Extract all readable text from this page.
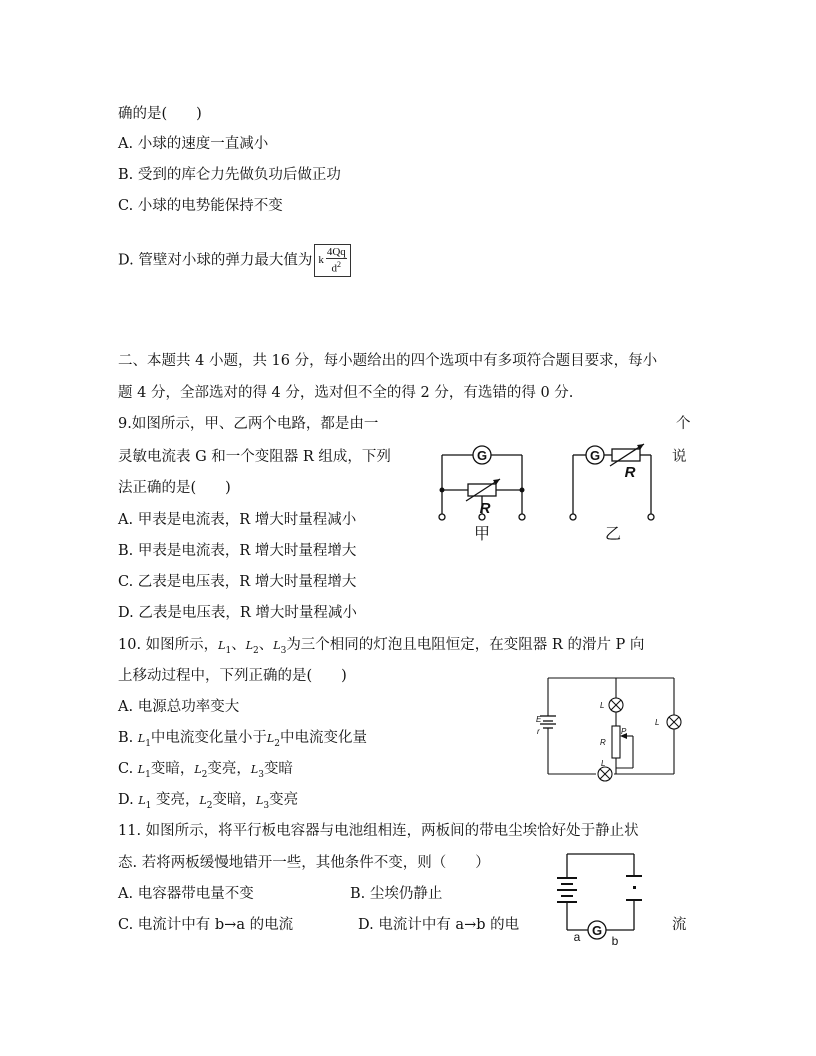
确的是(　　)
A. 小球的速度一直减小
B. 受到的库仑力先做负功后做正功
C. 小球的电势能保持不变
D. 管壁对小球的弹力最大值为 k $\frac{4Qq}{d^2}$
二、本题共 4 小题，共 16 分，每小题给出的四个选项中有多项符合题目要求，每小
题 4 分，全部选对的得 4 分，选对但不全的得 2 分，有选错的得 0 分.
9.如图所示，甲、乙两个电路，都是由一	个
灵敏电流表 G 和一个变阻器 R 组成，下列	说
法正确的是(　　)
A. 甲表是电流表，R 增大时量程减小
B. 甲表是电流表，R 增大时量程增大
C. 乙表是电压表，R 增大时量程增大
D. 乙表是电压表，R 增大时量程减小
G	G
R
R
甲	乙
10. 如图所示，$L_1$、$L_2$、$L_3$为三个相同的灯泡且电阻恒定，在变阻器 R 的滑片 P 向
上移动过程中，下列正确的是(　　)
A. 电源总功率变大
B. $L_1$中电流变化量小于$L_2$中电流变化量
C. $L_1$变暗，$L_2$变亮，$L_3$变暗
D. $L_1$ 变亮，$L_2$变暗，$L_3$变亮
E
r
R
P
L
L
L
11. 如图所示，将平行板电容器与电池组相连，两板间的带电尘埃恰好处于静止状
态. 若将两板缓慢地错开一些，其他条件不变，则（　　）
A. 电容器带电量不变	B. 尘埃仍静止
C. 电流计中有 b→a 的电流	D. 电流计中有 a→b 的电	流
G
a	b
